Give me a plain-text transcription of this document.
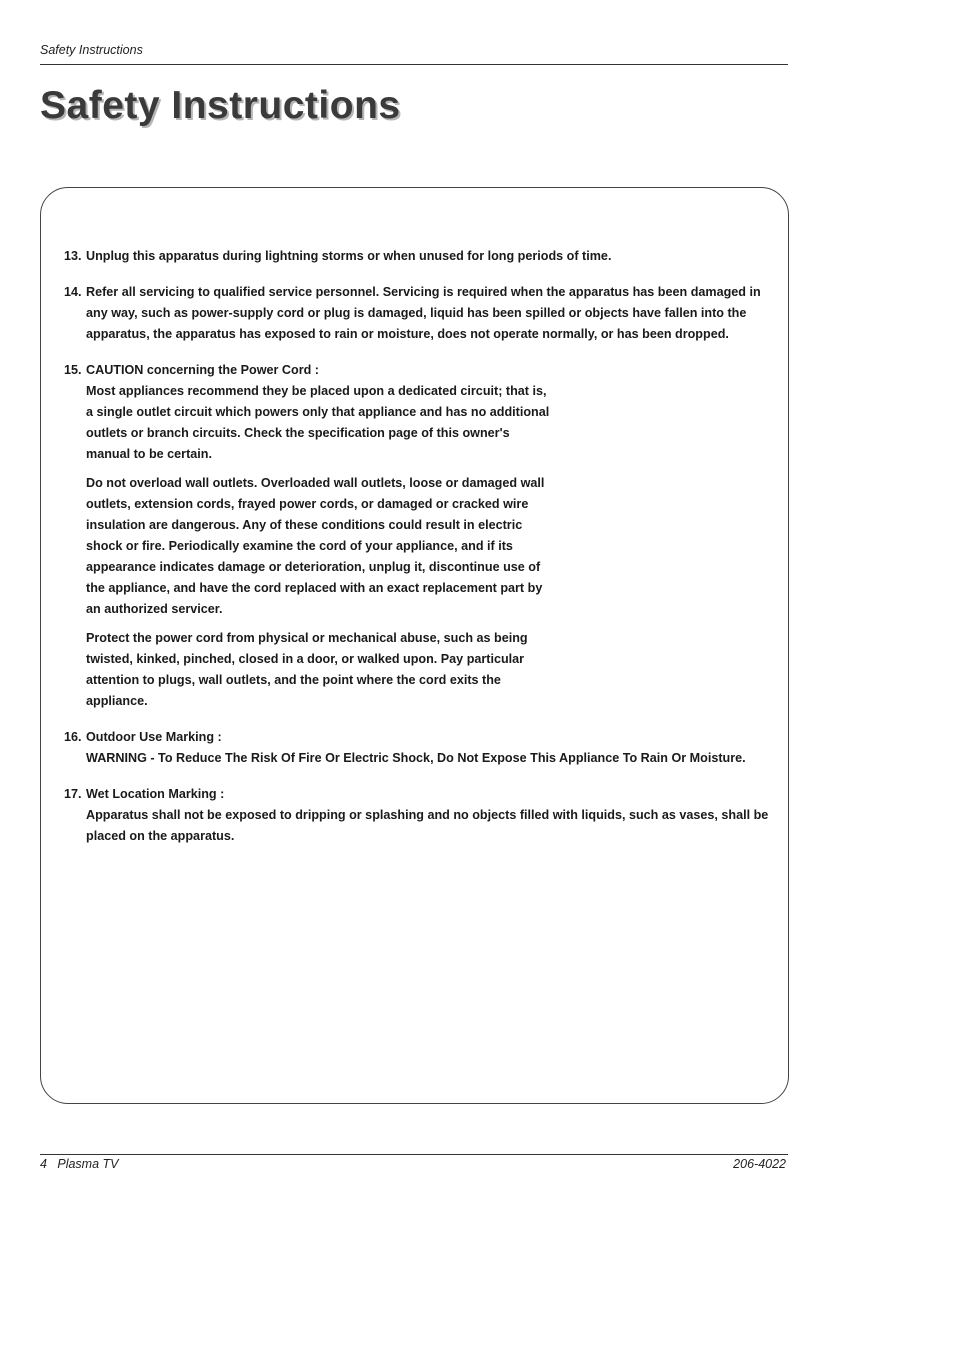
Safety Instructions
Safety Instructions
13. Unplug this apparatus during lightning storms or when unused for long periods of time.

14. Refer all servicing to qualified service personnel. Servicing is required when the apparatus has been damaged in any way, such as power-supply cord or plug is damaged, liquid has been spilled or objects have fallen into the apparatus, the apparatus has exposed to rain or moisture, does not operate normally, or has been dropped.

15. CAUTION concerning the Power Cord :

Most appliances recommend they be placed upon a dedicated circuit; that is, a single outlet circuit which powers only that appliance and has no additional outlets or branch circuits. Check the specification page of this owner's manual to be certain.

Do not overload wall outlets. Overloaded wall outlets, loose or damaged wall outlets, extension cords, frayed power cords, or damaged or cracked wire insulation are dangerous. Any of these conditions could result in electric shock or fire. Periodically examine the cord of your appliance, and if its appearance indicates damage or deterioration, unplug it, discontinue use of the appliance, and have the cord replaced with an exact replacement part by an authorized servicer.

Protect the power cord from physical or mechanical abuse, such as being twisted, kinked, pinched, closed in a door, or walked upon. Pay particular attention to plugs, wall outlets, and the point where the cord exits the appliance.

16. Outdoor Use Marking :

WARNING - To Reduce The Risk Of Fire Or Electric Shock, Do Not Expose This Appliance To Rain Or Moisture.

17. Wet Location Marking :

Apparatus shall not be exposed to dripping or splashing and no objects filled with liquids, such as vases, shall be placed on the apparatus.

4   Plasma TV	206-4022
